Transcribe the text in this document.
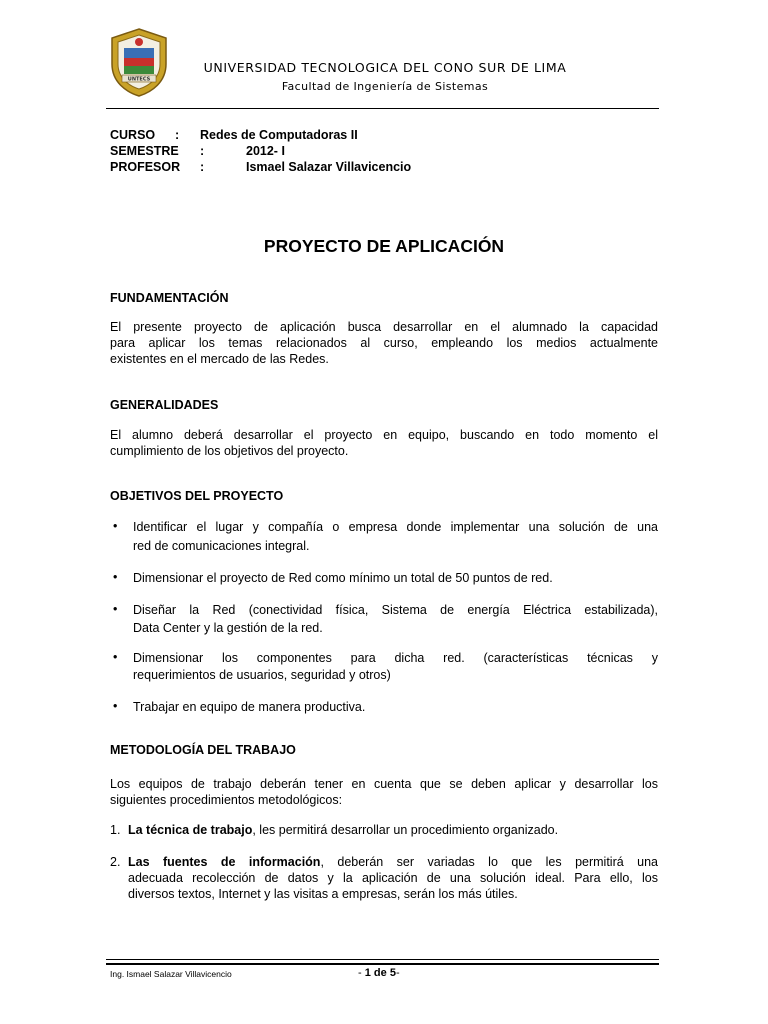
UNTECS
UNIVERSIDAD TECNOLOGICA DEL CONO SUR DE LIMA
Facultad de Ingeniería de Sistemas
CURSO : Redes de Computadoras II
SEMESTRE :	2012- I
PROFESOR :	Ismael Salazar Villavicencio
PROYECTO DE APLICACIÓN
FUNDAMENTACIÓN
El presente proyecto de aplicación busca desarrollar en el alumnado la capacidad
para aplicar los temas relacionados al curso, empleando los medios actualmente
existentes en el mercado de las Redes.
GENERALIDADES
El alumno deberá desarrollar el proyecto en equipo, buscando en todo momento el
cumplimiento de los objetivos del proyecto.
OBJETIVOS DEL PROYECTO
• Identificar el lugar y compañía o empresa donde implementar una solución de una
red de comunicaciones integral.
• Dimensionar el proyecto de Red como mínimo un total de 50 puntos de red.
• Diseñar la Red (conectividad física, Sistema de energía Eléctrica estabilizada),
Data Center y la gestión de la red.
• Dimensionar los componentes para dicha red. (características técnicas y
requerimientos de usuarios, seguridad y otros)
• Trabajar en equipo de manera productiva.
METODOLOGÍA DEL TRABAJO
Los equipos de trabajo deberán tener en cuenta que se deben aplicar y desarrollar los
siguientes procedimientos metodológicos:
1. La técnica de trabajo, les permitirá desarrollar un procedimiento organizado.
2. Las fuentes de información, deberán ser variadas lo que les permitirá una
adecuada recolección de datos y la aplicación de una solución ideal. Para ello, los
diversos textos, Internet y las visitas a empresas, serán los más útiles.
Ing. Ismael Salazar Villavicencio	- 1 de 5-
